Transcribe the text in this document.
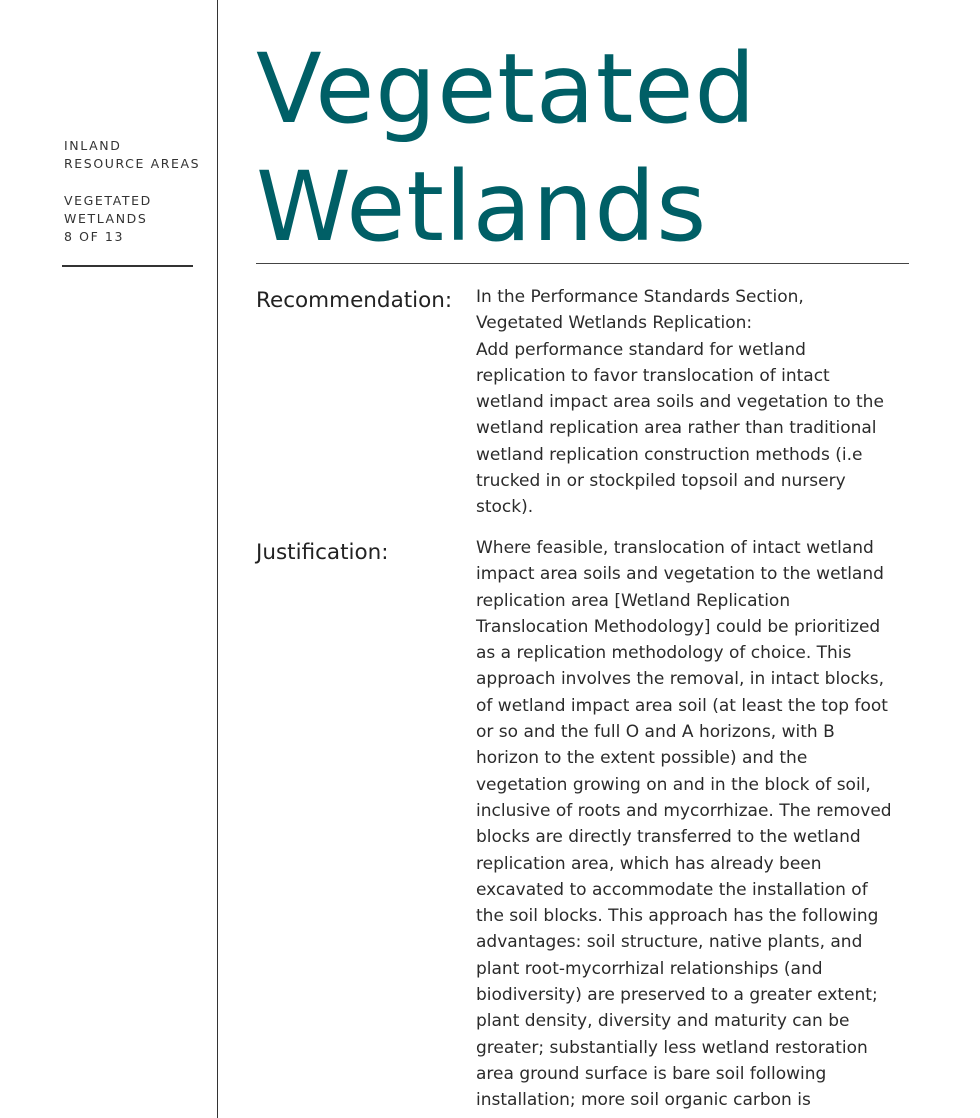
INLAND
RESOURCE AREAS
VEGETATED
WETLANDS
8 OF 13
Vegetated
Wetlands
Recommendation: In the Performance Standards Section,
Vegetated Wetlands Replication:
Add performance standard for wetland
replication to favor translocation of intact
wetland impact area soils and vegetation to the
wetland replication area rather than traditional
wetland replication construction methods (i.e
trucked in or stockpiled topsoil and nursery
stock).
Justification:	Where feasible, translocation of intact wetland
impact area soils and vegetation to the wetland
replication area [Wetland Replication
Translocation Methodology] could be prioritized
as a replication methodology of choice. This
approach involves the removal, in intact blocks,
of wetland impact area soil (at least the top foot
or so and the full O and A horizons, with B
horizon to the extent possible) and the
vegetation growing on and in the block of soil,
inclusive of roots and mycorrhizae. The removed
blocks are directly transferred to the wetland
replication area, which has already been
excavated to accommodate the installation of
the soil blocks. This approach has the following
advantages: soil structure, native plants, and
plant root-mycorrhizal relationships (and
biodiversity) are preserved to a greater extent;
plant density, diversity and maturity can be
greater; substantially less wetland restoration
area ground surface is bare soil following
installation; more soil organic carbon is
